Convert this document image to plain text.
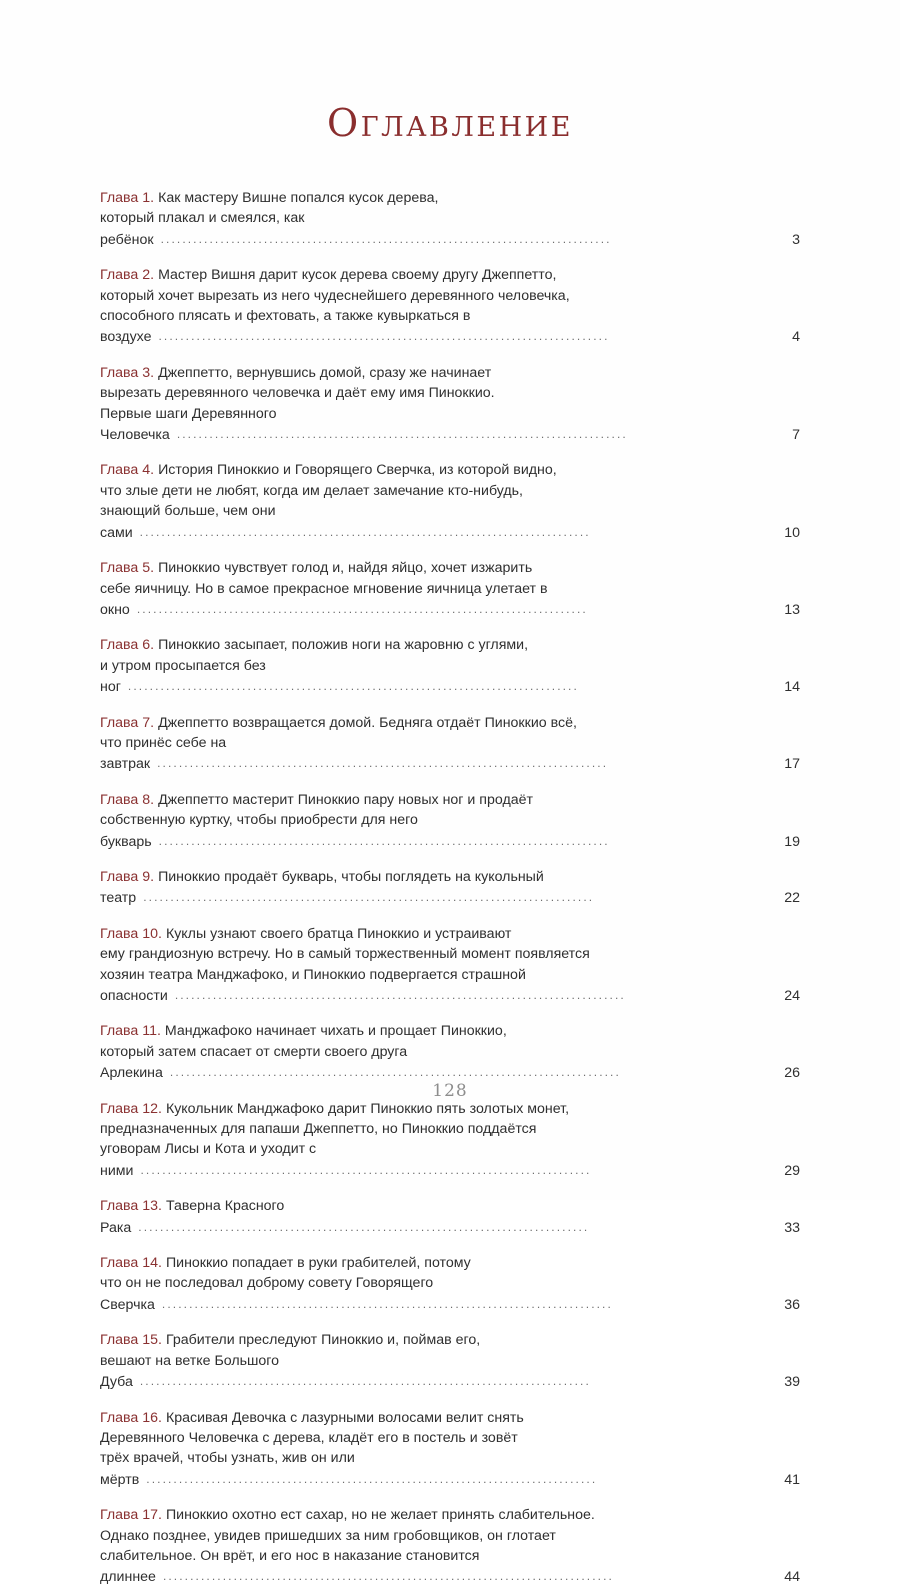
Оглавление
Глава 1. Как мастеру Вишне попался кусок дерева,
который плакал и смеялся, как ребёнок ...................................................................................	3
Глава 2. Мастер Вишня дарит кусок дерева своему другу Джеппетто,
который хочет вырезать из него чудеснейшего деревянного человечка,
способного плясать и фехтовать, а также кувыркаться в воздухе ...................................................................................	4
Глава 3. Джеппетто, вернувшись домой, сразу же начинает
вырезать деревянного человечка и даёт ему имя Пиноккио.
Первые шаги Деревянного Человечка ...................................................................................	7
Глава 4. История Пиноккио и Говорящего Сверчка, из которой видно,
что злые дети не любят, когда им делает замечание кто-нибудь,
знающий больше, чем они сами ...................................................................................	10
Глава 5. Пиноккио чувствует голод и, найдя яйцо, хочет изжарить
себе яичницу. Но в самое прекрасное мгновение яичница улетает в окно ...................................................................................	13
Глава 6. Пиноккио засыпает, положив ноги на жаровню с углями,
и утром просыпается без ног ...................................................................................	14
Глава 7. Джеппетто возвращается домой. Бедняга отдаёт Пиноккио всё,
что принёс себе на завтрак ...................................................................................	17
Глава 8. Джеппетто мастерит Пиноккио пару новых ног и продаёт
собственную куртку, чтобы приобрести для него букварь ...................................................................................	19
Глава 9. Пиноккио продаёт букварь, чтобы поглядеть на кукольный театр ...................................................................................	22
Глава 10. Куклы узнают своего братца Пиноккио и устраивают
ему грандиозную встречу. Но в самый торжественный момент появляется
хозяин театра Манджафоко, и Пиноккио подвергается страшной опасности ...................................................................................	24
Глава 11. Манджафоко начинает чихать и прощает Пиноккио,
который затем спасает от смерти своего друга Арлекина ...................................................................................	26
Глава 12. Кукольник Манджафоко дарит Пиноккио пять золотых монет,
предназначенных для папаши Джеппетто, но Пиноккио поддаётся
уговорам Лисы и Кота и уходит с ними ...................................................................................	29
Глава 13. Таверна Красного Рака ...................................................................................	33
Глава 14. Пиноккио попадает в руки грабителей, потому
что он не последовал доброму совету Говорящего Сверчка ...................................................................................	36
Глава 15. Грабители преследуют Пиноккио и, поймав его,
вешают на ветке Большого Дуба ...................................................................................	39
Глава 16. Красивая Девочка с лазурными волосами велит снять
Деревянного Человечка с дерева, кладёт его в постель и зовёт
трёх врачей, чтобы узнать, жив он или мёртв ...................................................................................	41
Глава 17. Пиноккио охотно ест сахар, но не желает принять слабительное.
Однако позднее, увидев пришедших за ним гробовщиков, он глотает
слабительное. Он врёт, и его нос в наказание становится длиннее ...................................................................................	44
128
